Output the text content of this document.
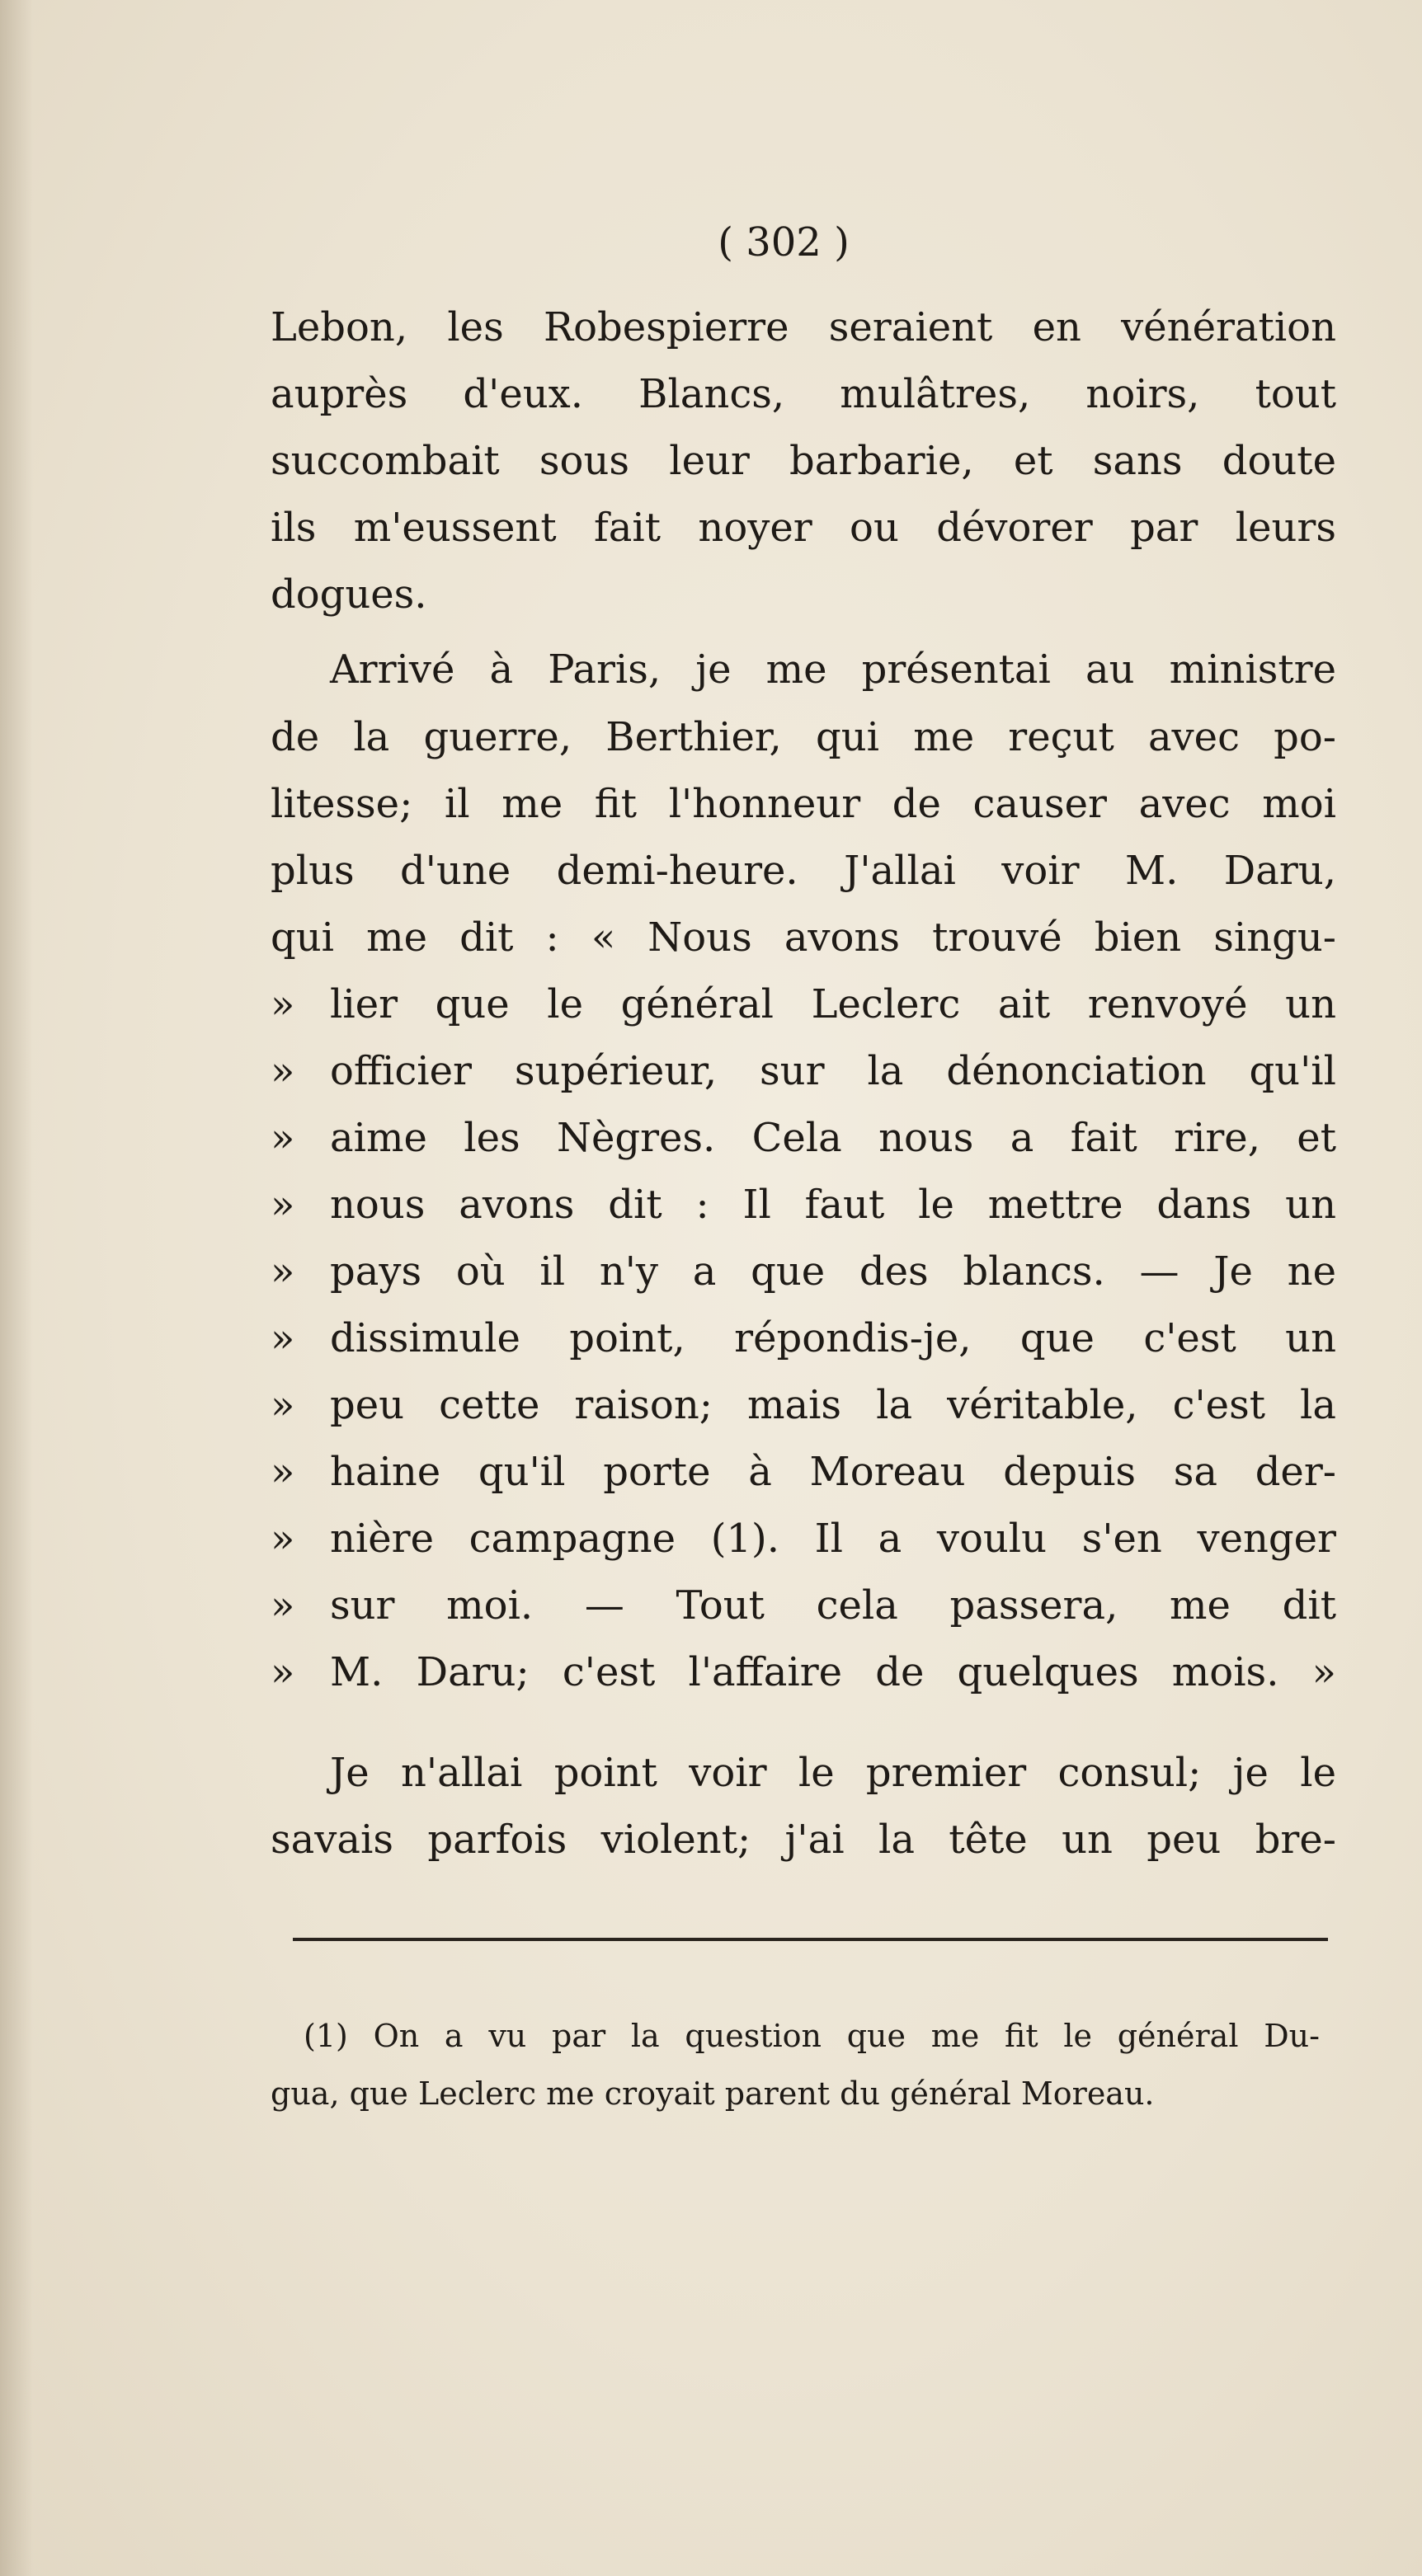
( 302 )
Lebon, les Robespierre seraient en vénération
auprès d'eux. Blancs, mulâtres, noirs, tout
succombait sous leur barbarie, et sans doute
ils m'eussent fait noyer ou dévorer par leurs
dogues.
Arrivé à Paris, je me présentai au ministre
de la guerre, Berthier, qui me reçut avec po-
litesse; il me fit l'honneur de causer avec moi
plus d'une demi-heure. J'allai voir M. Daru,
qui me dit : « Nous avons trouvé bien singu-
» lier que le général Leclerc ait renvoyé un
» officier supérieur, sur la dénonciation qu'il
» aime les Nègres. Cela nous a fait rire, et
» nous avons dit : Il faut le mettre dans un
» pays où il n'y a que des blancs. — Je ne
» dissimule point, répondis-je, que c'est un
» peu cette raison; mais la véritable, c'est la
» haine qu'il porte à Moreau depuis sa der-
» nière campagne (1). Il a voulu s'en venger
» sur moi. — Tout cela passera, me dit
» M. Daru; c'est l'affaire de quelques mois. »
Je n'allai point voir le premier consul; je le
savais parfois violent; j'ai la tête un peu bre-
(1) On a vu par la question que me fit le général Du-
gua, que Leclerc me croyait parent du général Moreau.
